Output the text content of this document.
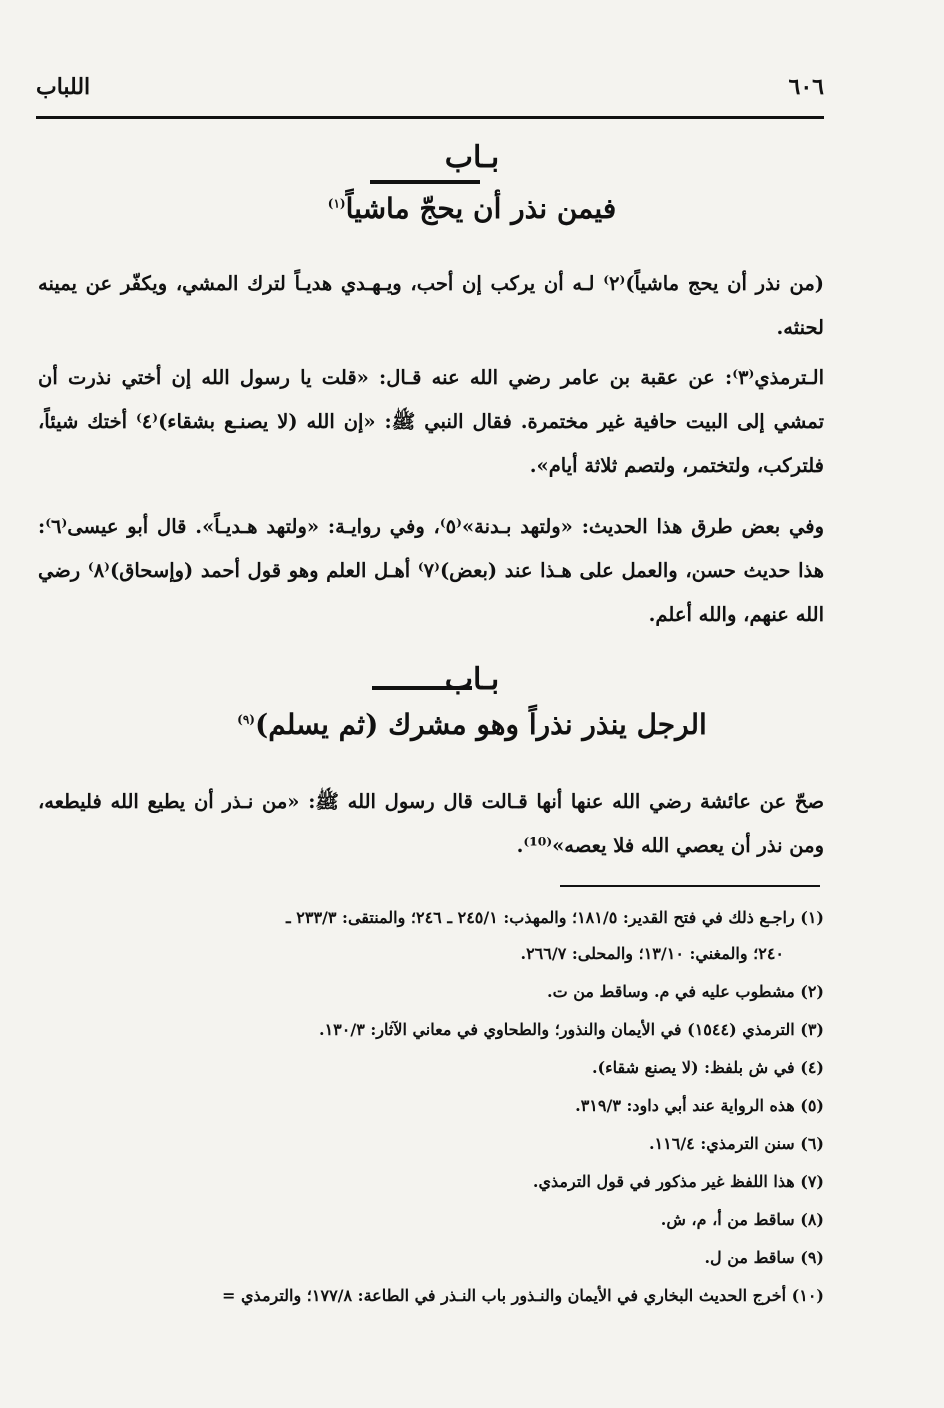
٦٠٦
اللباب
بـاب
فيمن نذر أن يحجّ ماشياً$^{(١)}$
(من نذر أن يحج ماشياً)⁽٢⁾ لـه أن يركب إن أحب، ويـهـدي هديـاً لترك المشي، ويكفّر عن يمينه لحنثه.
الـترمذي⁽٣⁾: عن عقبة بن عامر رضي الله عنه قـال: «قلت يا رسول الله إن أختي نذرت أن تمشي إلى البيت حافية غير مختمرة. فقال النبي ﷺ: «إن الله (لا يصنـع بشقاء)⁽٤⁾ أختك شيئاً، فلتركب، ولتختمر، ولتصم ثلاثة أيام».
وفي بعض طرق هذا الحديث: «ولتهد بـدنة»⁽٥⁾، وفي روايـة: «ولتهد هـديـاً». قال أبو عيسى⁽٦⁾: هذا حديث حسن، والعمل على هـذا عند (بعض)⁽٧⁾ أهـل العلم وهو قول أحمد (وإسحاق)⁽٨⁾ رضي الله عنهم، والله أعلم.
بـاب
الرجل ينذر نذراً وهو مشرك (ثم يسلم)$^{(٩)}$
صحّ عن عائشة رضي الله عنها أنها قـالت قال رسول الله ﷺ: «من نـذر أن يطيع الله فليطعه، ومن نذر أن يعصي الله فلا يعصه»⁽¹⁰⁾.
(١) راجـع ذلك في فتح القدير: ١٨١/٥؛ والمهذب: ٢٤٥/١ ـ ٢٤٦؛ والمنتقى: ٢٣٣/٣ ـ
٢٤٠؛ والمغني: ١٣/١٠؛ والمحلى: ٢٦٦/٧.
(٢) مشطوب عليه في م. وساقط من ت.
(٣) الترمذي (١٥٤٤) في الأيمان والنذور؛ والطحاوي في معاني الآثار: ١٣٠/٣.
(٤) في ش بلفظ: (لا يصنع شقاء).
(٥) هذه الرواية عند أبي داود: ٣١٩/٣.
(٦) سنن الترمذي: ١١٦/٤.
(٧) هذا اللفظ غير مذكور في قول الترمذي.
(٨) ساقط من أ، م، ش.
(٩) ساقط من ل.
(١٠) أخرج الحديث البخاري في الأيمان والنـذور باب النـذر في الطاعة: ١٧٧/٨؛ والترمذي =
